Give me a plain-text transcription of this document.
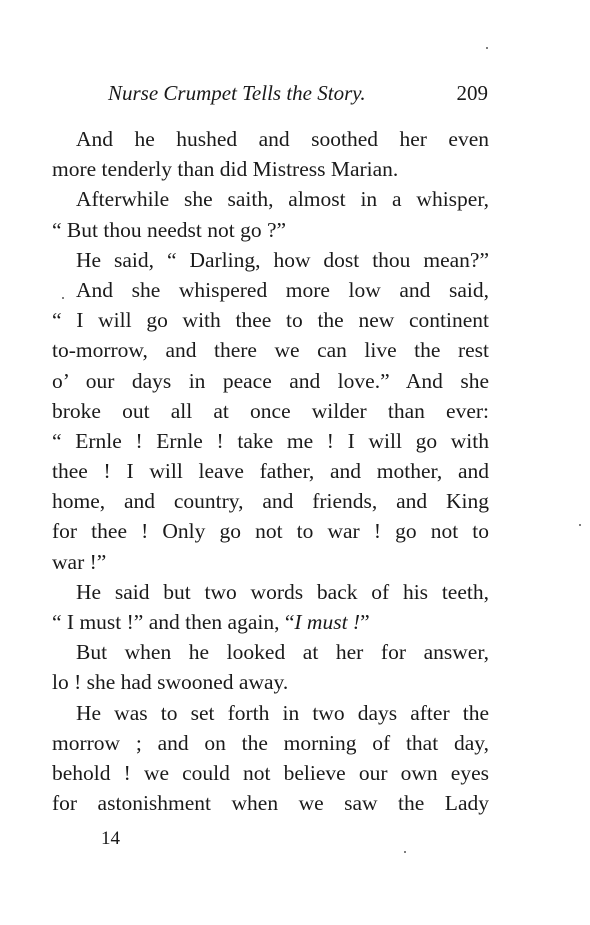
Nurse Crumpet Tells the Story.	209
And he hushed and soothed her even
more tenderly than did Mistress Marian.
Afterwhile she saith, almost in a whisper,
“ But thou needst not go ?”
He said, “ Darling, how dost thou mean?”
And she whispered more low and said,
“ I will go with thee to the new continent
to-morrow, and there we can live the rest
o’ our days in peace and love.” And she
broke out all at once wilder than ever:
“ Ernle ! Ernle ! take me ! I will go with
thee ! I will leave father, and mother, and
home, and country, and friends, and King
for thee ! Only go not to war ! go not to
war !”
He said but two words back of his teeth,
“ I must !” and then again, “I must !”
But when he looked at her for answer,
lo ! she had swooned away.
He was to set forth in two days after the
morrow ; and on the morning of that day,
behold ! we could not believe our own eyes
for astonishment when we saw the Lady
14
